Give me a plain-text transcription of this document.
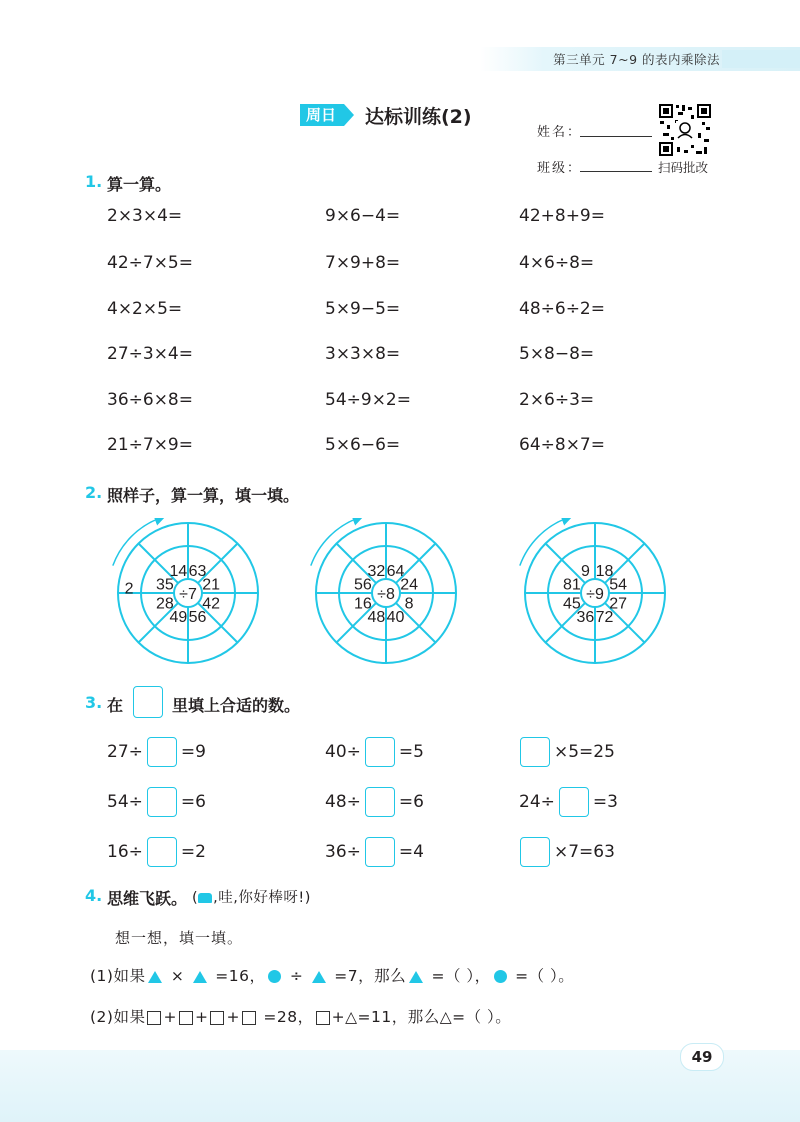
第三单元 7~9 的表内乘除法
周日	达标训练(2)
姓名：
班级：	扫码批改
1. 算一算。
2×3×4=	9×6−4=	42+8+9=
42÷7×5=	7×9+8=	4×6÷8=
4×2×5=	5×9−5=	48÷6÷2=
27÷3×4=	3×3×8=	5×8−8=
36÷6×8=	54÷9×2=	2×6÷3=
21÷7×9=	5×6−6=	64÷8×7=
2. 照样子，算一算，填一填。
÷7
63
21
42
56
49
28
35
14
2	÷8
64
24
8
40
48
16
56
32
÷9
18
54
27
72
36
45
81
9
3. 在	里填上合适的数。
27÷ =9	40÷ =5	×5=25
54÷ =6	48÷ =6	24÷ =3
16÷ =2	36÷ =4	×7=63
4. 思维飞跃。 ( ,哇,你好棒呀!)
想一想，填一填。
(1)如果 ×  =16， ÷  =7，那么 =（ ）， =（ ）。
(2)如果 + + + =28， +△=11，那么△=（ ）。
49
